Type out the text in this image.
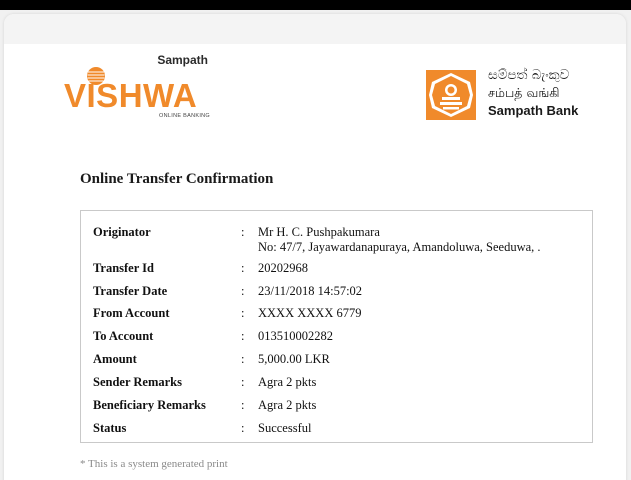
Sampath
VISHWA
ONLINE BANKING
සම්පත් බැංකුව
சம்பத் வங்கி
Sampath Bank
Online Transfer Confirmation
Originator	: Mr H. C. Pushpakumara
No: 47/7, Jayawardanapuraya, Amandoluwa, Seeduwa, .
Transfer Id	: 20202968
Transfer Date	: 23/11/2018 14:57:02
From Account	: XXXX XXXX 6779
To Account	: 013510002282
Amount	: 5,000.00 LKR
Sender Remarks	: Agra 2 pkts
Beneficiary Remarks	: Agra 2 pkts
Status	: Successful
* This is a system generated print
